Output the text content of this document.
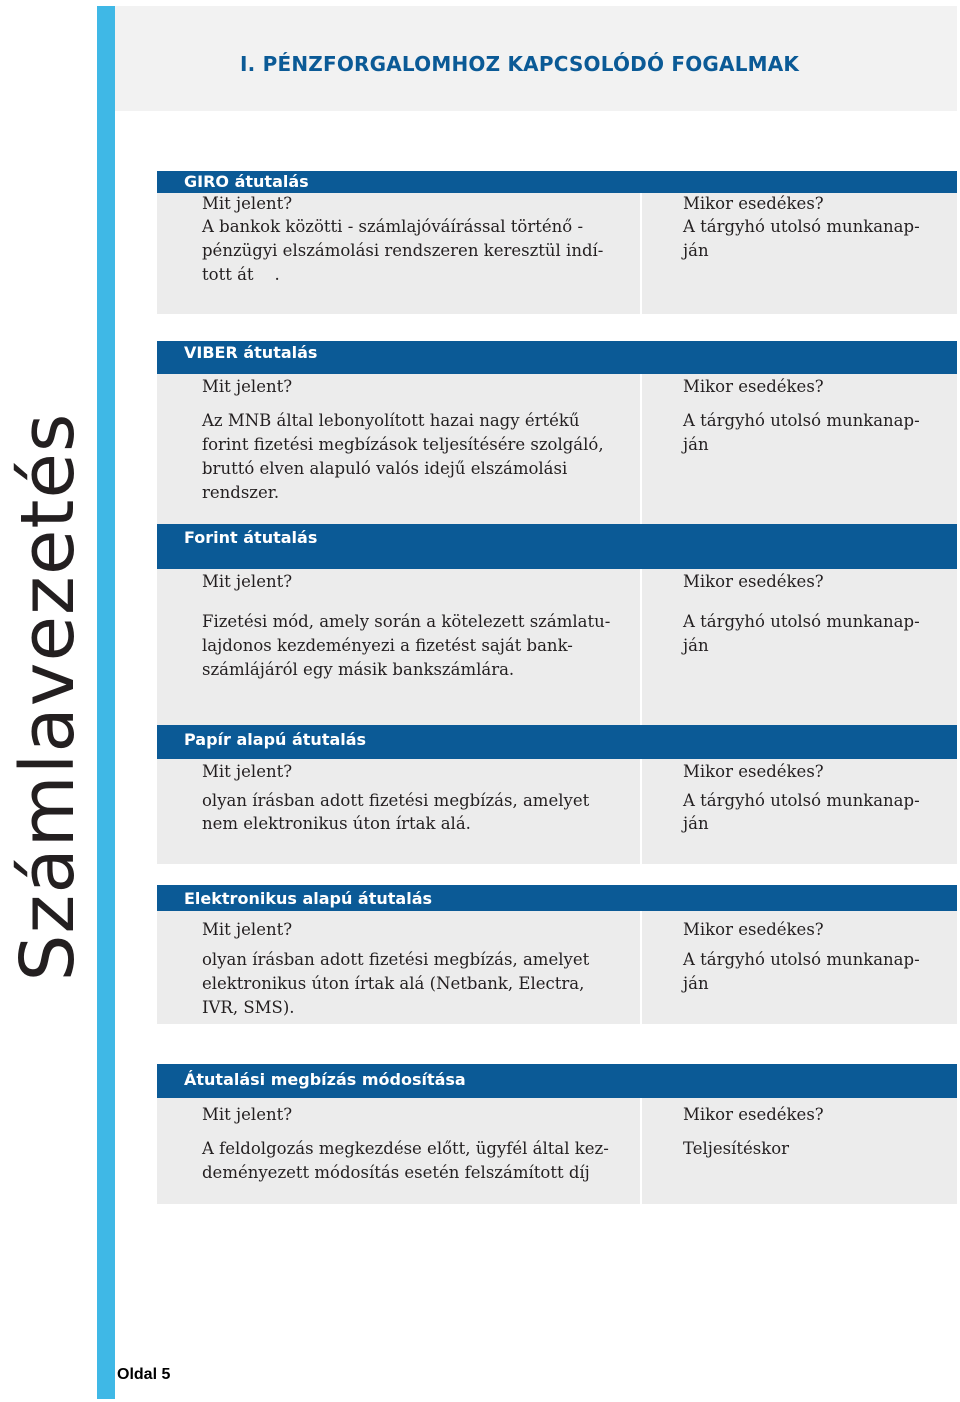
I. PÉNZFORGALOMHOZ KAPCSOLÓDÓ FOGALMAK
Számlavezetés
GIRO átutalás
Mit jelent?
A bankok közötti - számlajóváírással történő -
pénzügyi elszámolási rendszeren keresztül indí-
tott át    .
Mikor esedékes?
A tárgyhó utolsó munkanap-
ján
VIBER átutalás
Mit jelent?
Az MNB által lebonyolított hazai nagy értékű
forint fizetési megbízások teljesítésére szolgáló,
bruttó elven alapuló valós idejű elszámolási
rendszer.
Mikor esedékes?
A tárgyhó utolsó munkanap-
ján
Forint átutalás
Mit jelent?
Fizetési mód, amely során a kötelezett számlatu-
lajdonos kezdeményezi a fizetést saját bank-
számlájáról egy másik bankszámlára.
Mikor esedékes?
A tárgyhó utolsó munkanap-
ján
Papír alapú átutalás
Mit jelent?
olyan írásban adott fizetési megbízás, amelyet
nem elektronikus úton írtak alá.
Mikor esedékes?
A tárgyhó utolsó munkanap-
ján
Elektronikus alapú átutalás
Mit jelent?
olyan írásban adott fizetési megbízás, amelyet
elektronikus úton írtak alá (Netbank, Electra,
IVR, SMS).
Mikor esedékes?
A tárgyhó utolsó munkanap-
ján
Átutalási megbízás módosítása
Mit jelent?
A feldolgozás megkezdése előtt, ügyfél által kez-
deményezett módosítás esetén felszámított díj
Mikor esedékes?
Teljesítéskor
Oldal 5
